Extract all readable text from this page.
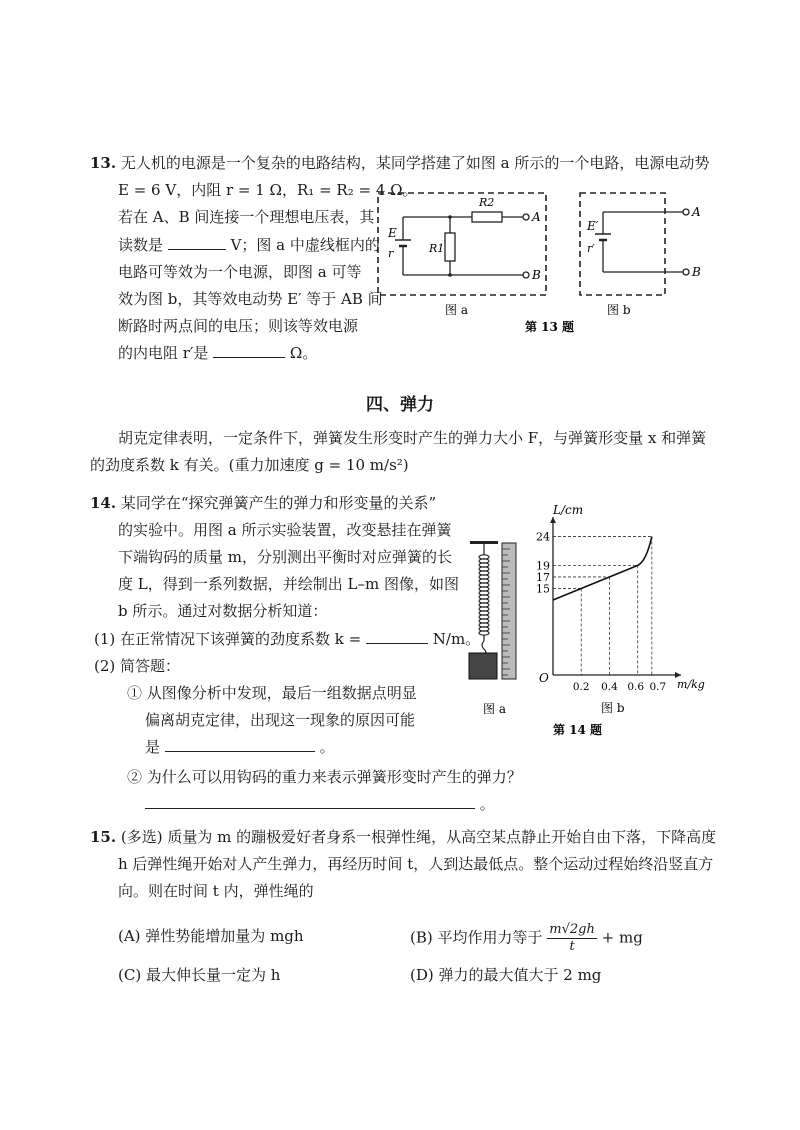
13. 无人机的电源是一个复杂的电路结构，某同学搭建了如图 a 所示的一个电路，电源电动势
E = 6 V，内阻 r = 1 Ω，R₁ = R₂ = 4 Ω。
若在 A、B 间连接一个理想电压表，其
读数是	V；图 a 中虚线框内的
电路可等效为一个电源，即图 a 可等
效为图 b，其等效电动势 E′ 等于 AB 间
断路时两点间的电压；则该等效电源
的内电阻 r′是	Ω。
E
r	R1
R2
A
B
E′
r′
A
B
图 a	图 b
第 13 题
四、弹力
胡克定律表明，一定条件下，弹簧发生形变时产生的弹力大小 F，与弹簧形变量 x 和弹簧
的劲度系数 k 有关。(重力加速度 g = 10 m/s²)
14. 某同学在“探究弹簧产生的弹力和形变量的关系”
的实验中。用图 a 所示实验装置，改变悬挂在弹簧
下端钩码的质量 m，分别测出平衡时对应弹簧的长
度 L，得到一系列数据，并绘制出 L–m 图像，如图
b 所示。通过对数据分析知道：
(1) 在正常情况下该弹簧的劲度系数 k =	N/m。
(2) 简答题：
① 从图像分析中发现，最后一组数据点明显
偏离胡克定律，出现这一现象的原因可能
是	。
② 为什么可以用钩码的重力来表示弹簧形变时产生的弹力？
。
图 a
15
17
19
24
0.2 0.4 0.6 0.7
L/cm
m/kg
O
图 b
第 14 题
15. (多选) 质量为 m 的蹦极爱好者身系一根弹性绳，从高空某点静止开始自由下落，下降高度
h 后弹性绳开始对人产生弹力，再经历时间 t，人到达最低点。整个运动过程始终沿竖直方
向。则在时间 t 内，弹性绳的
(A) 弹性势能增加量为 mgh	(B) 平均作用力等于 $\frac{m√2gh}{t}$ + mg
(C) 最大伸长量一定为 h	(D) 弹力的最大值大于 2 mg
